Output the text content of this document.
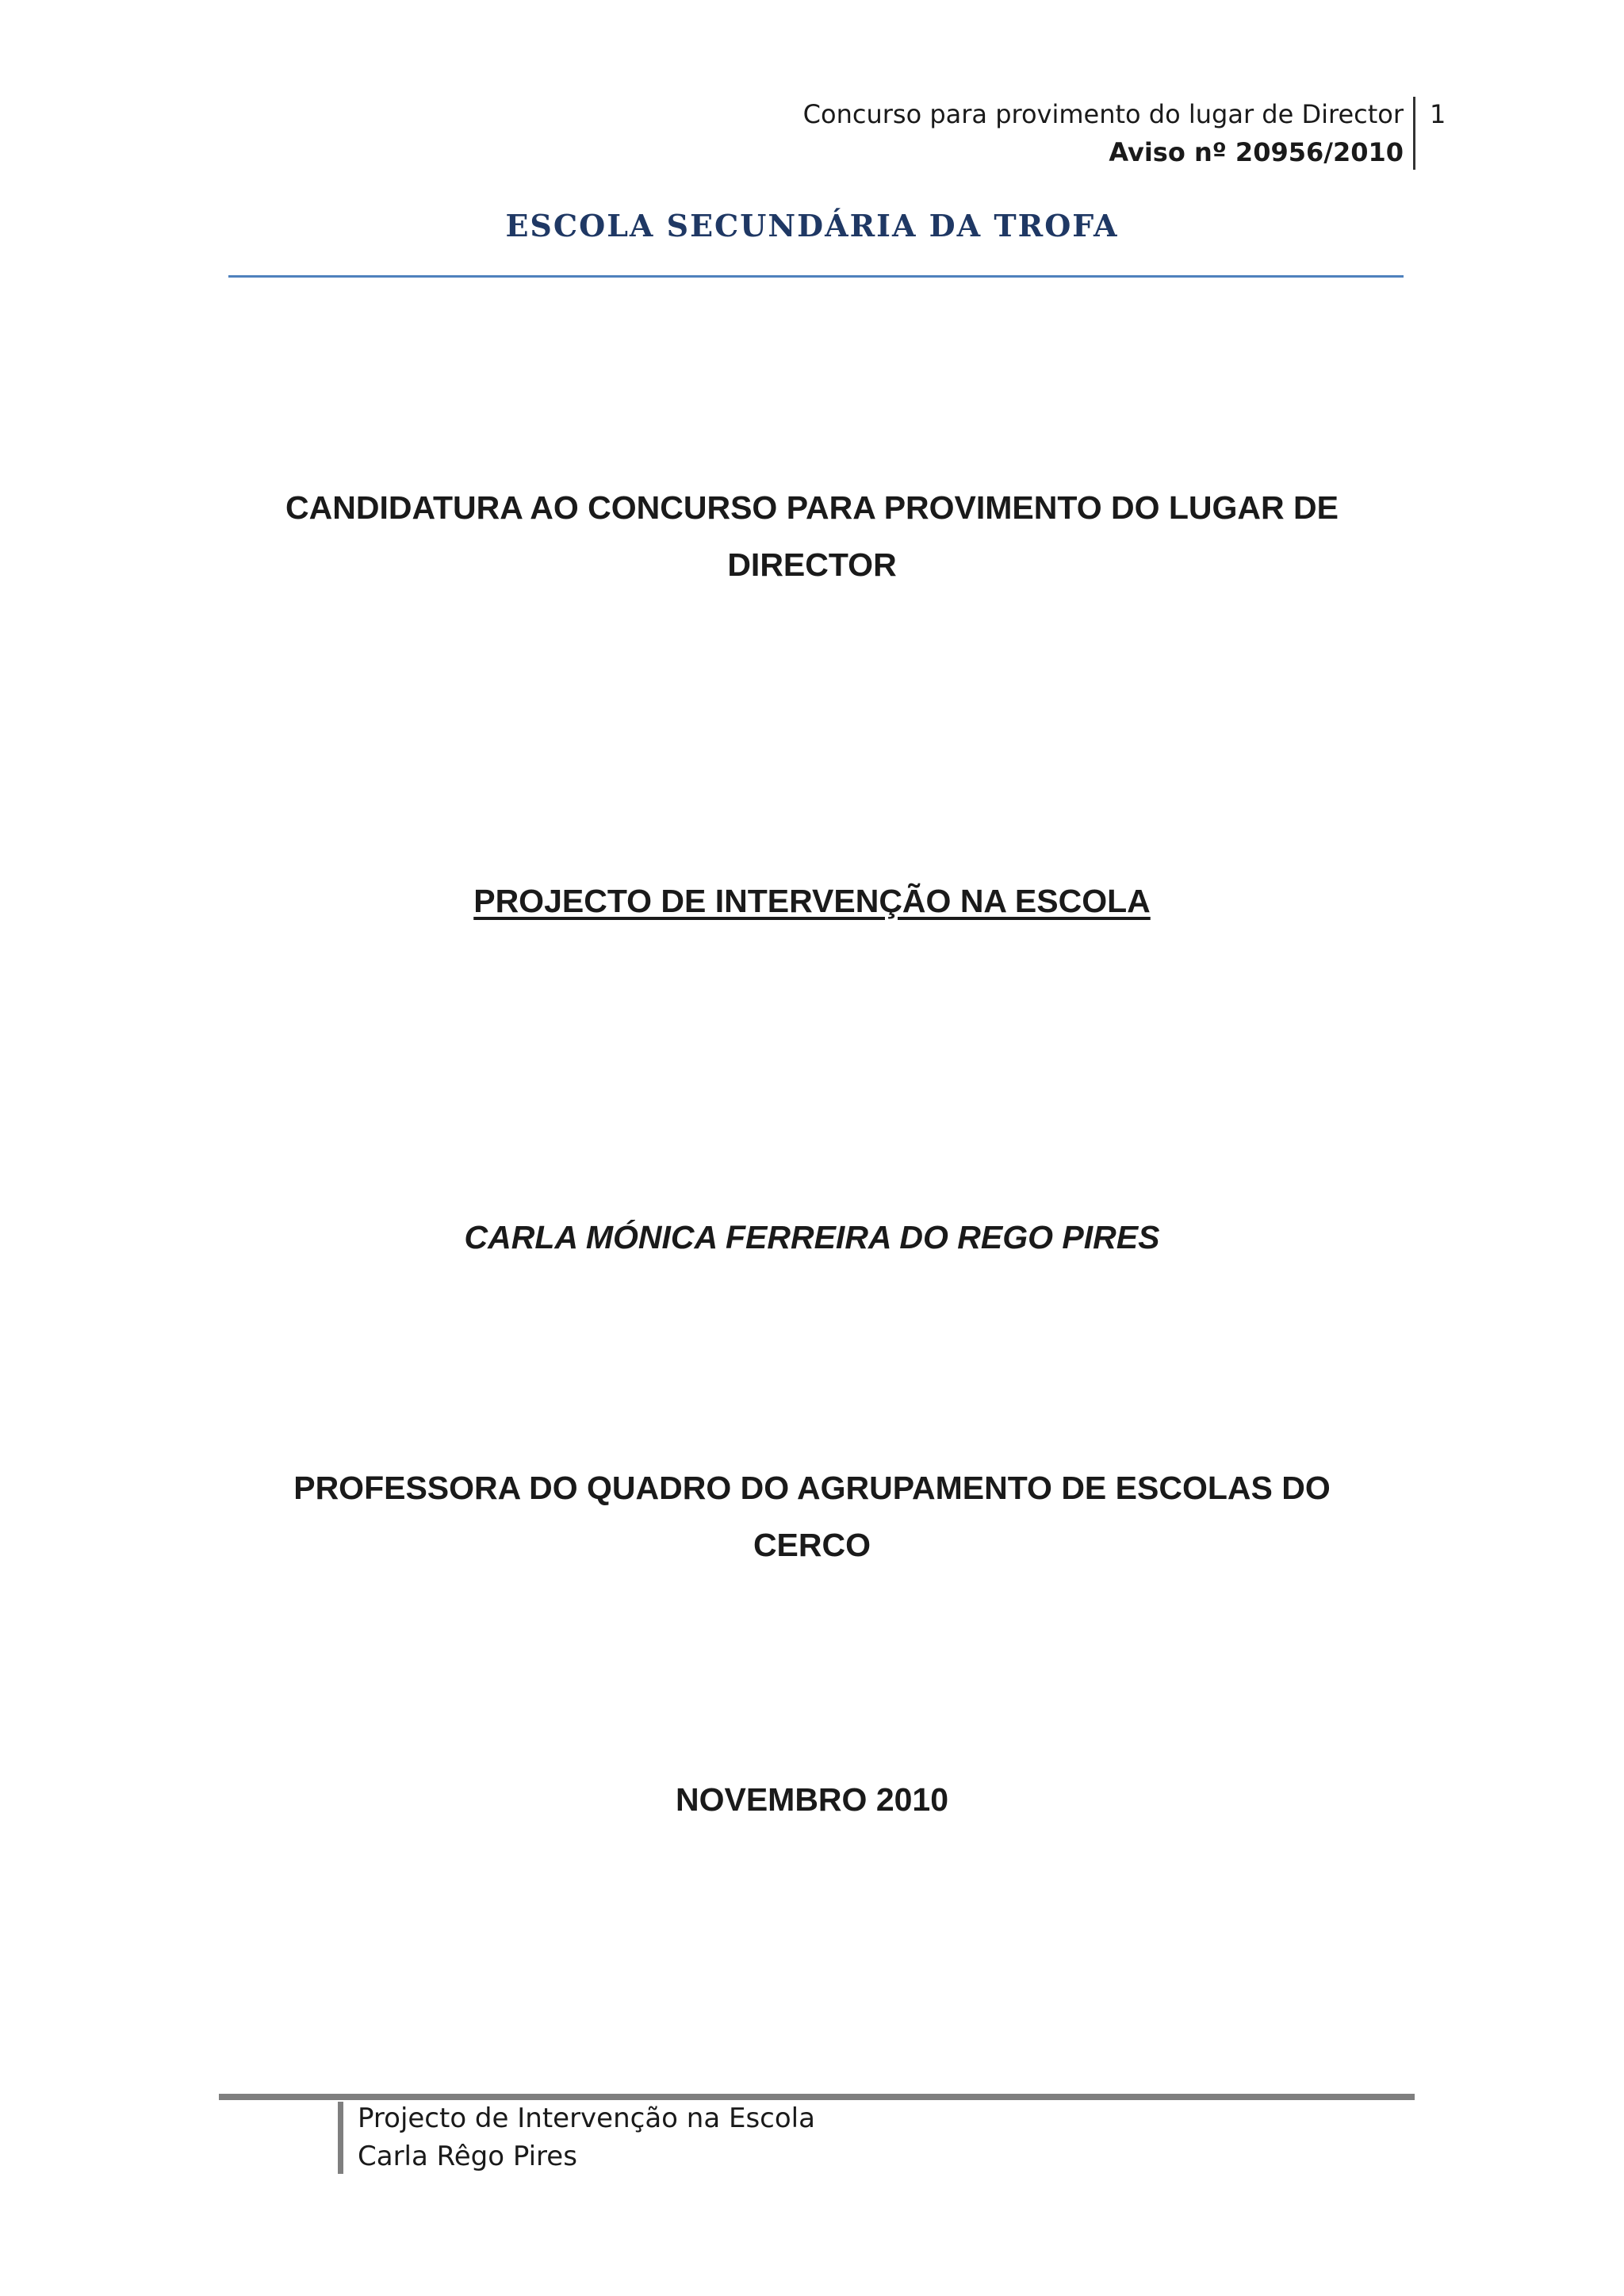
Concurso para provimento do lugar de Director
Aviso nº 20956/2010
1
ESCOLA SECUNDÁRIA DA TROFA
CANDIDATURA AO CONCURSO PARA PROVIMENTO DO LUGAR DE
DIRECTOR
PROJECTO DE INTERVENÇÃO NA ESCOLA
CARLA MÓNICA FERREIRA DO REGO PIRES
PROFESSORA DO QUADRO DO AGRUPAMENTO DE ESCOLAS DO
CERCO
NOVEMBRO 2010
Projecto de Intervenção na Escola
Carla Rêgo Pires
